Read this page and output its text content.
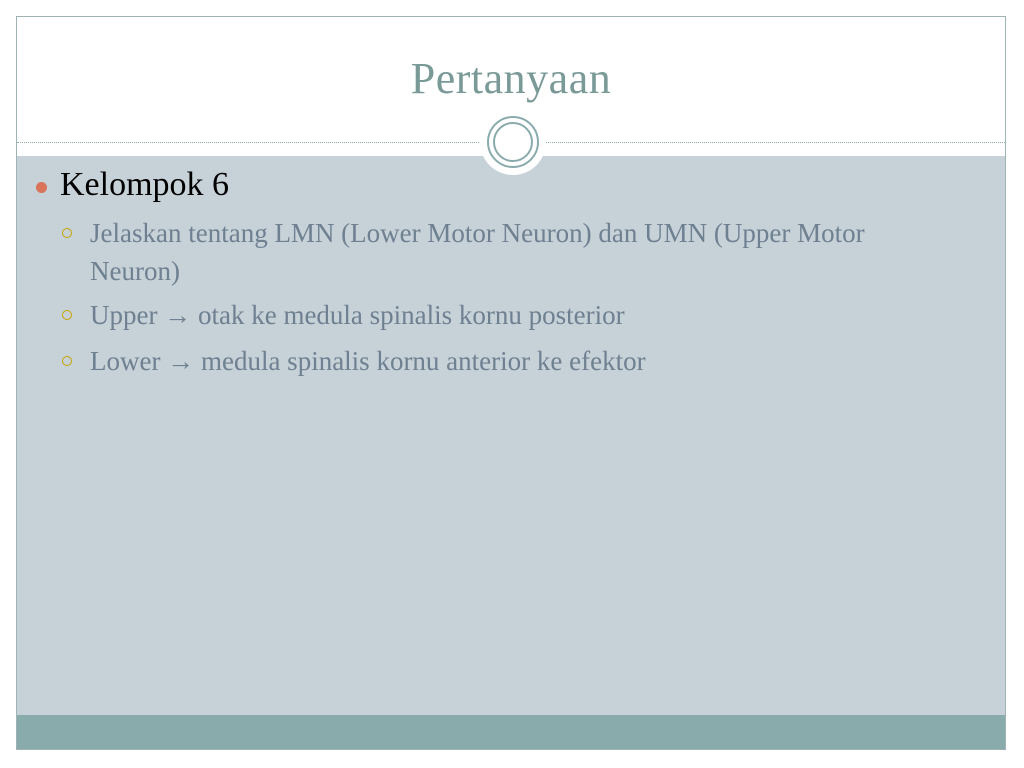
Pertanyaan
Kelompok 6
Jelaskan tentang LMN (Lower Motor Neuron) dan UMN (Upper Motor Neuron)
Upper → otak ke medula spinalis kornu posterior
Lower → medula spinalis kornu anterior ke efektor
